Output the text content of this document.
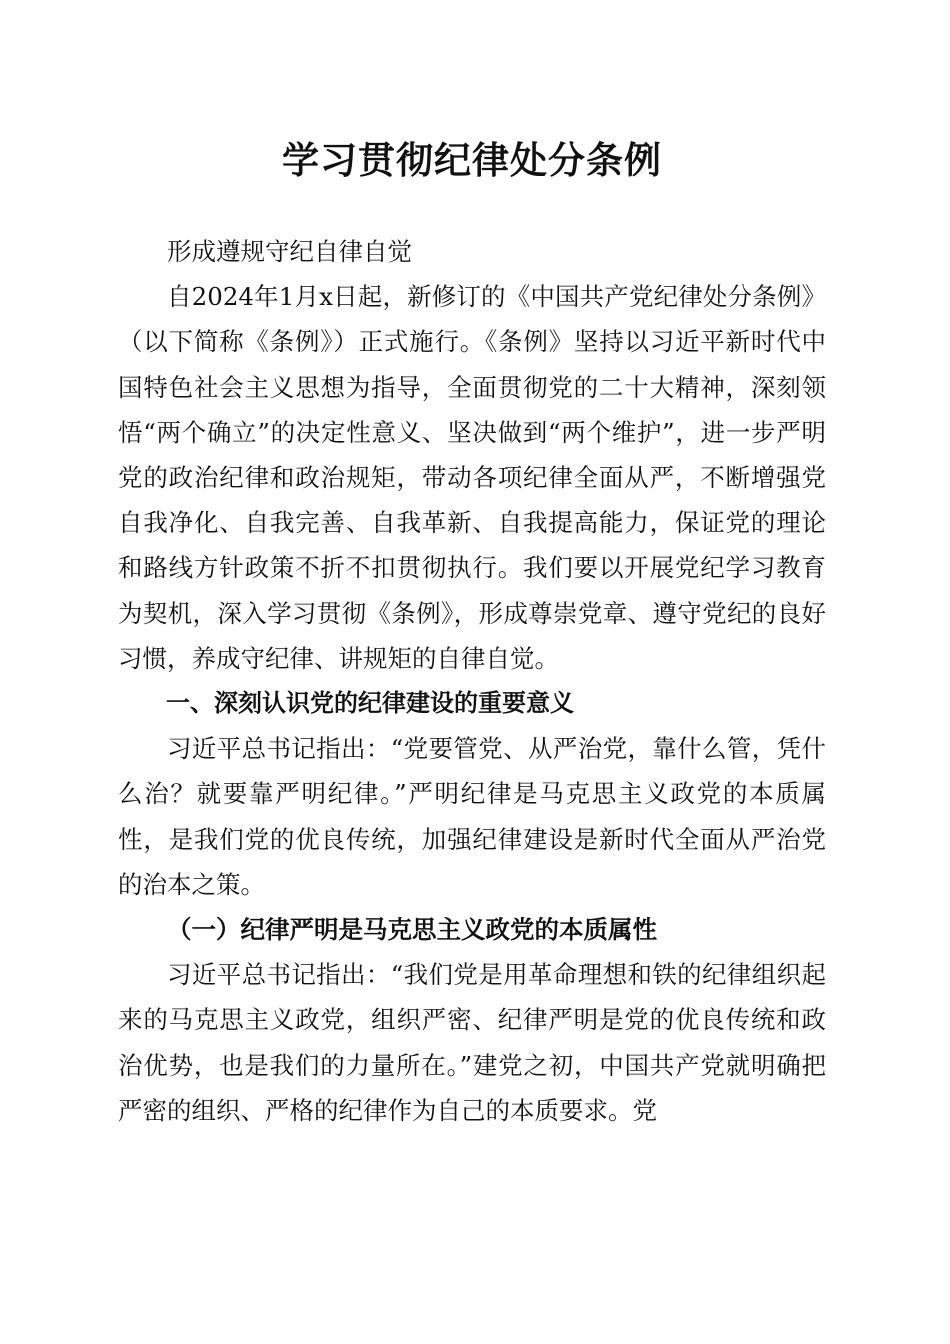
学习贯彻纪律处分条例

形成遵规守纪自律自觉

自2024年1月x日起，新修订的《中国共产党纪律处分条例》（以下简称《条例》）正式施行。《条例》坚持以习近平新时代中国特色社会主义思想为指导，全面贯彻党的二十大精神，深刻领悟“两个确立”的决定性意义、坚决做到“两个维护”，进一步严明党的政治纪律和政治规矩，带动各项纪律全面从严，不断增强党自我净化、自我完善、自我革新、自我提高能力，保证党的理论和路线方针政策不折不扣贯彻执行。我们要以开展党纪学习教育为契机，深入学习贯彻《条例》，形成尊崇党章、遵守党纪的良好习惯，养成守纪律、讲规矩的自律自觉。

一、深刻认识党的纪律建设的重要意义

习近平总书记指出：“党要管党、从严治党，靠什么管，凭什么治？就要靠严明纪律。”严明纪律是马克思主义政党的本质属性，是我们党的优良传统，加强纪律建设是新时代全面从严治党的治本之策。

（一）纪律严明是马克思主义政党的本质属性

习近平总书记指出：“我们党是用革命理想和铁的纪律组织起来的马克思主义政党，组织严密、纪律严明是党的优良传统和政治优势，也是我们的力量所在。”建党之初，中国共产党就明确把严密的组织、严格的纪律作为自己的本质要求。党
